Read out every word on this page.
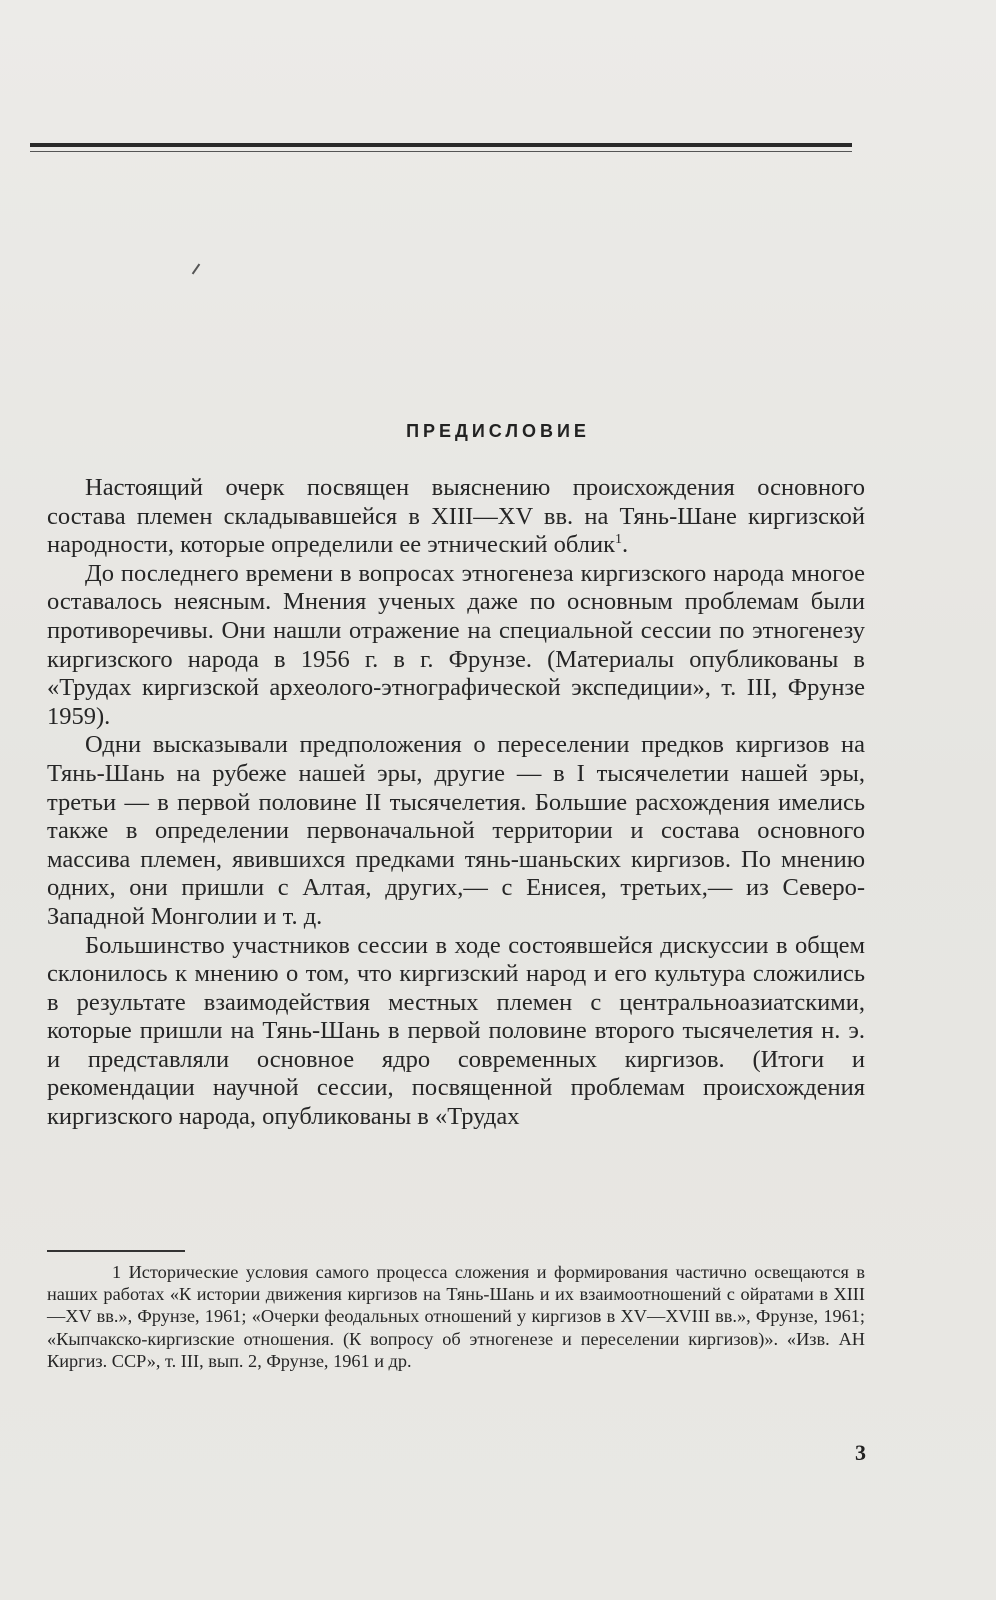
ПРЕДИСЛОВИЕ

Настоящий очерк посвящен выяснению происхождения основного состава племен складывавшейся в XIII—XV вв. на Тянь-Шане киргизской народности, которые определили ее этнический облик$^1$.

До последнего времени в вопросах этногенеза киргизского народа многое оставалось неясным. Мнения ученых даже по основным проблемам были противоречивы. Они нашли отражение на специальной сессии по этногенезу киргизского народа в 1956 г. в г. Фрунзе. (Материалы опубликованы в «Трудах киргизской археолого-этнографической экспедиции», т. III, Фрунзе 1959).

Одни высказывали предположения о переселении предков киргизов на Тянь-Шань на рубеже нашей эры, другие — в I тысячелетии нашей эры, третьи — в первой половине II тысячелетия. Большие расхождения имелись также в определении первоначальной территории и состава основного массива племен, явившихся предками тянь-шаньских киргизов. По мнению одних, они пришли с Алтая, других,— с Енисея, третьих,— из Северо-Западной Монголии и т. д.

Большинство участников сессии в ходе состоявшейся дискуссии в общем склонилось к мнению о том, что киргизский народ и его культура сложились в результате взаимодействия местных племен с центральноазиатскими, которые пришли на Тянь-Шань в первой половине второго тысячелетия н. э. и представляли основное ядро современных киргизов. (Итоги и рекомендации научной сессии, посвященной проблемам происхождения киргизского народа, опубликованы в «Трудах

1 Исторические условия самого процесса сложения и формирования частично освещаются в наших работах «К истории движения киргизов на Тянь-Шань и их взаимоотношений с ойратами в XIII—XV вв.», Фрунзе, 1961; «Очерки феодальных отношений у киргизов в XV—XVIII вв.», Фрунзе, 1961; «Кыпчакско-киргизские отношения. (К вопросу об этногенезе и переселении киргизов)». «Изв. АН Киргиз. ССР», т. III, вып. 2, Фрунзе, 1961 и др.

3
